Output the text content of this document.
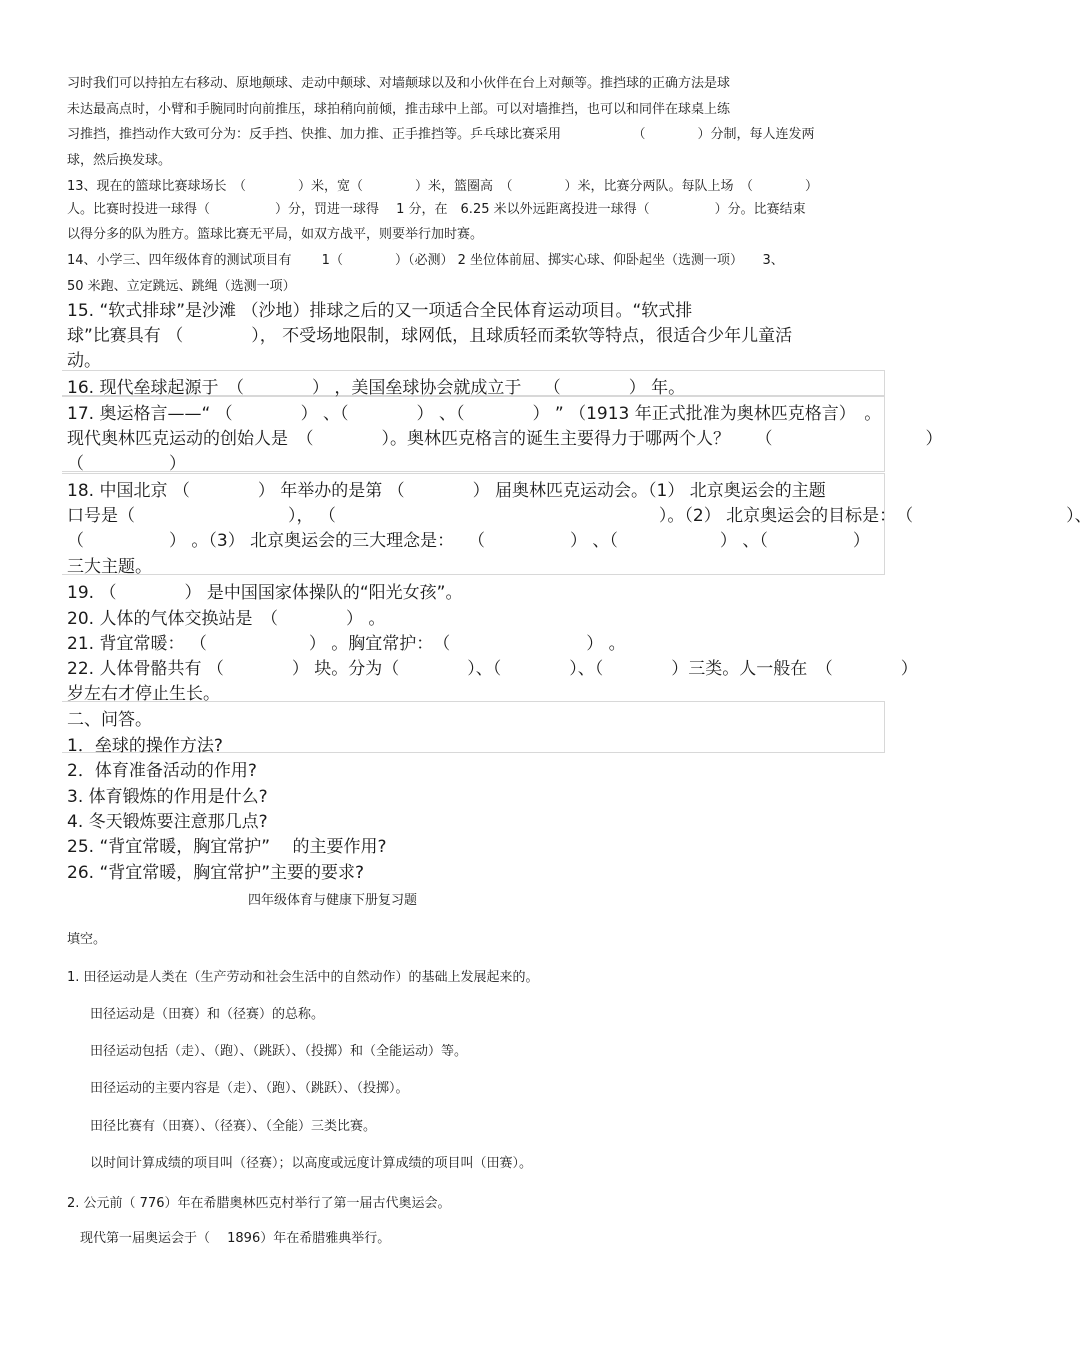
习时我们可以持拍左右移动、原地颠球、走动中颠球、对墙颠球以及和小伙伴在台上对颠等。推挡球的正确方法是球
未达最高点时，小臂和手腕同时向前推压，球拍稍向前倾，推击球中上部。可以对墙推挡，也可以和同伴在球桌上练
习推挡，推挡动作大致可分为：反手挡、快推、加力推、正手推挡等。乒乓球比赛采用　　　　　　（　　　　）分制，每人连发两
球，然后换发球。
13、现在的篮球比赛球场长　（　　　　）米，宽（　　　　）米，篮圈高　（　　　　）米，比赛分两队。每队上场　（　　　　）
人。比赛时投进一球得（　　　　　）分，罚进一球得　 1 分，在　6.25 米以外远距离投进一球得（　　　　　）分。比赛结束
以得分多的队为胜方。篮球比赛无平局，如双方战平，则要举行加时赛。
14、小学三、四年级体育的测试项目有　　 1（　　　　）（必测） 2 坐位体前屈、掷实心球、仰卧起坐（选测一项）　　3、
50 米跑、立定跳远、跳绳（选测一项）
15. “软式排球”是沙滩 （沙地）排球之后的又一项适合全民体育运动项目。“软式排
球”比赛具有 （　　　　）， 不受场地限制，球网低，且球质轻而柔软等特点，很适合少年儿童活
动。
16. 现代垒球起源于　（　　　　） ，美国垒球协会就成立于　 （　　　　） 年。
17. 奥运格言——“ （　　　　） 、（　　　　） 、（　　　　） ” （1913 年正式批准为奥林匹克格言）　。
现代奥林匹克运动的创始人是　（　　　　）。奥林匹克格言的诞生主要得力于哪两个人？　　（　　　　　　　　　）
（　　　　　）
18. 中国北京 （　　　　） 年举办的是第 （　　　　） 届奥林匹克运动会。（1） 北京奥运会的主题
口号是（　　　　　　　　　）， （　　　　　　　　　　　　　　　　　　　）。（2） 北京奥运会的目标是：　（　　　　　　　　　）、
（　　　　　） 。（3） 北京奥运会的三大理念是：　 （　　　　　） 、（　　　　　　） 、（　　　　　）
三大主题。
19. （　　　　） 是中国国家体操队的“阳光女孩”。
20. 人体的气体交换站是　（　　　　） 。
21. 背宜常暖： （　　　　　　） 。胸宜常护：　（　　　　　　　　） 。
22. 人体骨骼共有 （　　　　） 块。分为（　　　　）、（　　　　）、（　　　　）三类。人一般在　（　　　　）
岁左右才停止生长。
二、问答。
1．垒球的操作方法?
2．体育准备活动的作用?
3. 体育锻炼的作用是什么?
4. 冬天锻炼要注意那几点?
25. “背宜常暖，胸宜常护”　 的主要作用?
26. “背宜常暖，胸宜常护”主要的要求?
四年级体育与健康下册复习题
填空。
1. 田径运动是人类在（生产劳动和社会生活中的自然动作）的基础上发展起来的。
田径运动是（田赛）和（径赛）的总称。
田径运动包括（走）、（跑）、（跳跃）、（投掷）和（全能运动）等。
田径运动的主要内容是（走）、（跑）、（跳跃）、（投掷）。
田径比赛有（田赛）、（径赛）、（全能）三类比赛。
以时间计算成绩的项目叫（径赛）；以高度或远度计算成绩的项目叫（田赛）。
2. 公元前（ 776）年在希腊奥林匹克村举行了第一届古代奥运会。
现代第一届奥运会于（ 　1896）年在希腊雅典举行。
